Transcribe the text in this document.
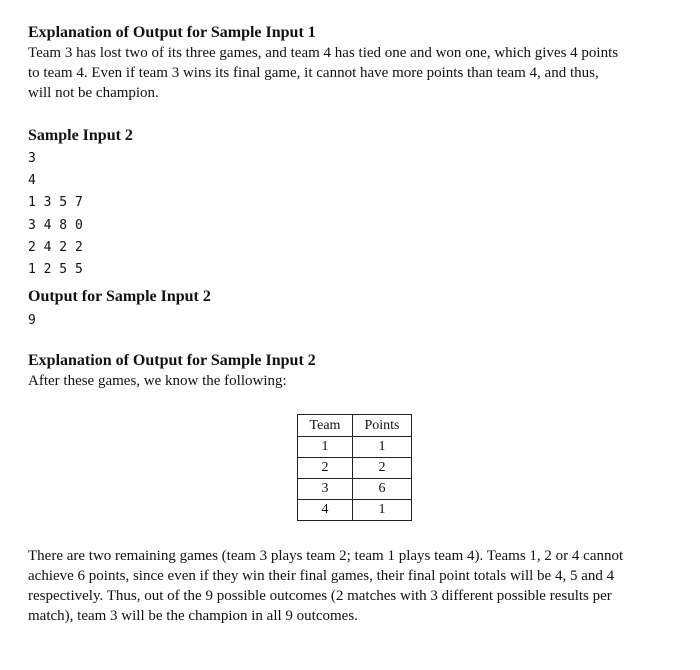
Explanation of Output for Sample Input 1

Team 3 has lost two of its three games, and team 4 has tied one and won one, which gives 4 points

to team 4. Even if team 3 wins its final game, it cannot have more points than team 4, and thus,

will not be champion.

Sample Input 2

3

4

1 3 5 7

3 4 8 0

2 4 2 2

1 2 5 5

Output for Sample Input 2

9

Explanation of Output for Sample Input 2

After these games, we know the following:

Team	Points
1	1
2	2
3	6
4	1

There are two remaining games (team 3 plays team 2; team 1 plays team 4). Teams 1, 2 or 4 cannot

achieve 6 points, since even if they win their final games, their final point totals will be 4, 5 and 4

respectively. Thus, out of the 9 possible outcomes (2 matches with 3 different possible results per

match), team 3 will be the champion in all 9 outcomes.
